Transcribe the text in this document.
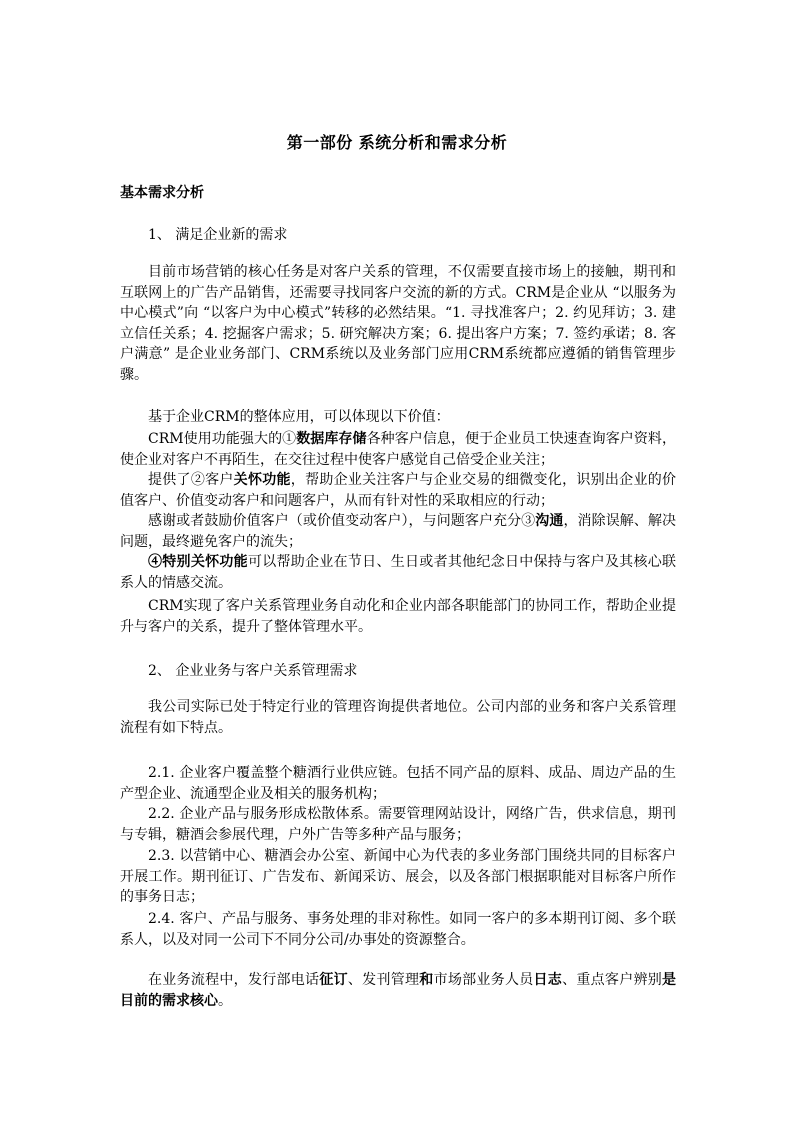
第一部份 系统分析和需求分析
基本需求分析
1、 满足企业新的需求

目前市场营销的核心任务是对客户关系的管理，不仅需要直接市场上的接触，期刊和互联网上的广告产品销售，还需要寻找同客户交流的新的方式。CRM是企业从 “以服务为中心模式”向 “以客户为中心模式”转移的必然结果。“1. 寻找准客户；2. 约见拜访；3. 建立信任关系；4. 挖掘客户需求；5. 研究解决方案；6. 提出客户方案；7. 签约承诺；8. 客户满意” 是企业业务部门、CRM系统以及业务部门应用CRM系统都应遵循的销售管理步骤。

基于企业CRM的整体应用，可以体现以下价值：

CRM使用功能强大的①数据库存储各种客户信息，便于企业员工快速查询客户资料，使企业对客户不再陌生，在交往过程中使客户感觉自己倍受企业关注；

提供了②客户关怀功能，帮助企业关注客户与企业交易的细微变化，识别出企业的价值客户、价值变动客户和问题客户，从而有针对性的采取相应的行动；

感谢或者鼓励价值客户（或价值变动客户），与问题客户充分③沟通，消除误解、解决问题，最终避免客户的流失；

④特别关怀功能可以帮助企业在节日、生日或者其他纪念日中保持与客户及其核心联系人的情感交流。

CRM实现了客户关系管理业务自动化和企业内部各职能部门的协同工作，帮助企业提升与客户的关系，提升了整体管理水平。

2、 企业业务与客户关系管理需求

我公司实际已处于特定行业的管理咨询提供者地位。公司内部的业务和客户关系管理流程有如下特点。

2.1. 企业客户覆盖整个糖酒行业供应链。包括不同产品的原料、成品、周边产品的生产型企业、流通型企业及相关的服务机构；

2.2. 企业产品与服务形成松散体系。需要管理网站设计，网络广告，供求信息，期刊与专辑，糖酒会参展代理，户外广告等多种产品与服务；

2.3. 以营销中心、糖酒会办公室、新闻中心为代表的多业务部门围绕共同的目标客户开展工作。期刊征订、广告发布、新闻采访、展会，以及各部门根据职能对目标客户所作的事务日志；

2.4. 客户、产品与服务、事务处理的非对称性。如同一客户的多本期刊订阅、多个联系人，以及对同一公司下不同分公司/办事处的资源整合。

在业务流程中，发行部电话征订、发刊管理和市场部业务人员日志、重点客户辨别是目前的需求核心。
